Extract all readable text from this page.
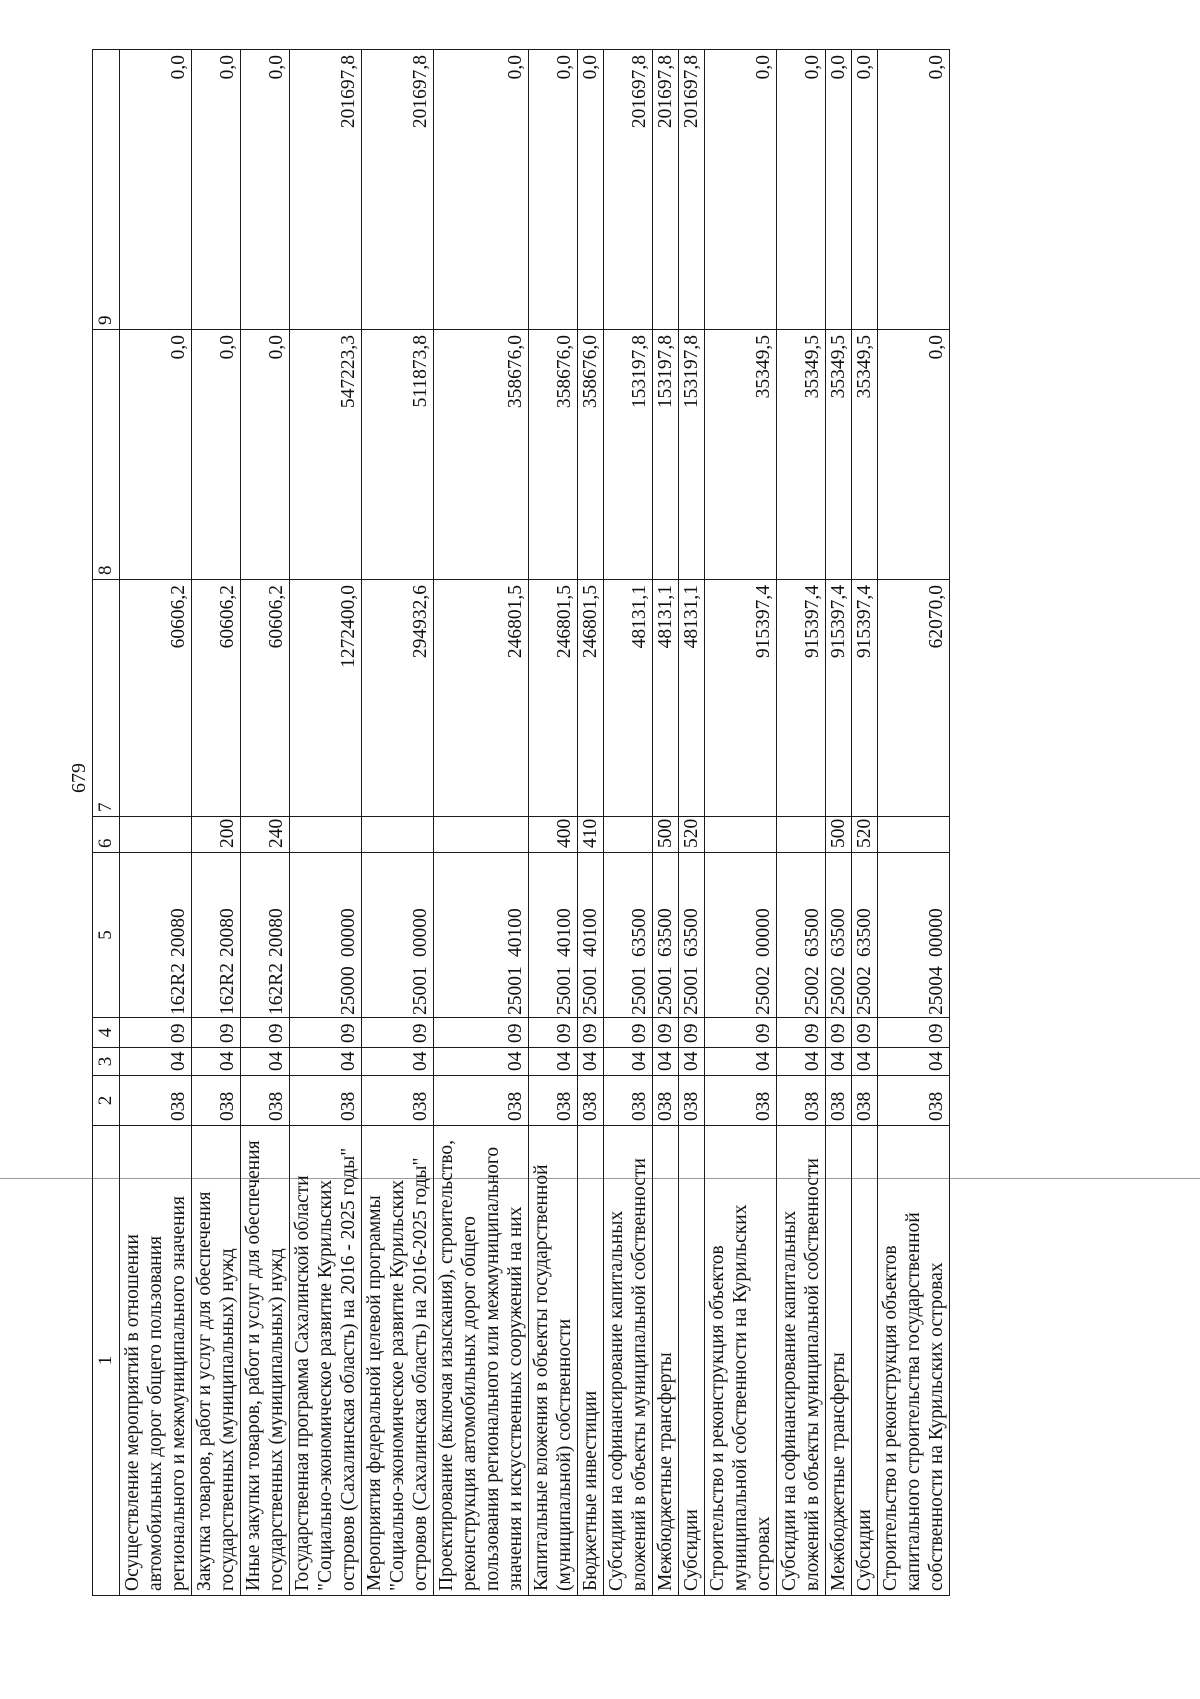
679
1	2	3	4	5	6	7	8	9
Осуществление мероприятий в отношении автомобильных дорог общего пользования регионального и межмуниципального значения	038	04	09	162R220080		60606,2	0,0	0,0
Закупка товаров, работ и услуг для обеспечения государственных (муниципальных) нужд	038	04	09	162R220080	200	60606,2	0,0	0,0
Иные закупки товаров, работ и услуг для обеспечения государственных (муниципальных) нужд	038	04	09	162R220080	240	60606,2	0,0	0,0
Государственная программа Сахалинской области "Социально-экономическое развитие Курильских островов (Сахалинская область) на 2016 - 2025 годы"	038	04	09	2500000000		1272400,0	547223,3	201697,8
Мероприятия федеральной целевой программы "Социально-экономическое развитие Курильских островов (Сахалинская область) на 2016-2025 годы"	038	04	09	2500100000		294932,6	511873,8	201697,8
Проектирование (включая изыскания), строительство, реконструкция автомобильных дорог общего пользования регионального или межмуниципального значения и искусственных сооружений на них	038	04	09	2500140100		246801,5	358676,0	0,0
Капитальные вложения в объекты государственной (муниципальной) собственности	038	04	09	2500140100	400	246801,5	358676,0	0,0
Бюджетные инвестиции	038	04	09	2500140100	410	246801,5	358676,0	0,0
Субсидии на софинансирование капитальных вложений в объекты муниципальной собственности	038	04	09	2500163500		48131,1	153197,8	201697,8
Межбюджетные трансферты	038	04	09	2500163500	500	48131,1	153197,8	201697,8
Субсидии	038	04	09	2500163500	520	48131,1	153197,8	201697,8
Строительство и реконструкция объектов муниципальной собственности на Курильских островах	038	04	09	2500200000		915397,4	35349,5	0,0
Субсидии на софинансирование капитальных вложений в объекты муниципальной собственности	038	04	09	2500263500		915397,4	35349,5	0,0
Межбюджетные трансферты	038	04	09	2500263500	500	915397,4	35349,5	0,0
Субсидии	038	04	09	2500263500	520	915397,4	35349,5	0,0
Строительство и реконструкция объектов капитального строительства государственной собственности на Курильских островах	038	04	09	2500400000		62070,0	0,0	0,0
